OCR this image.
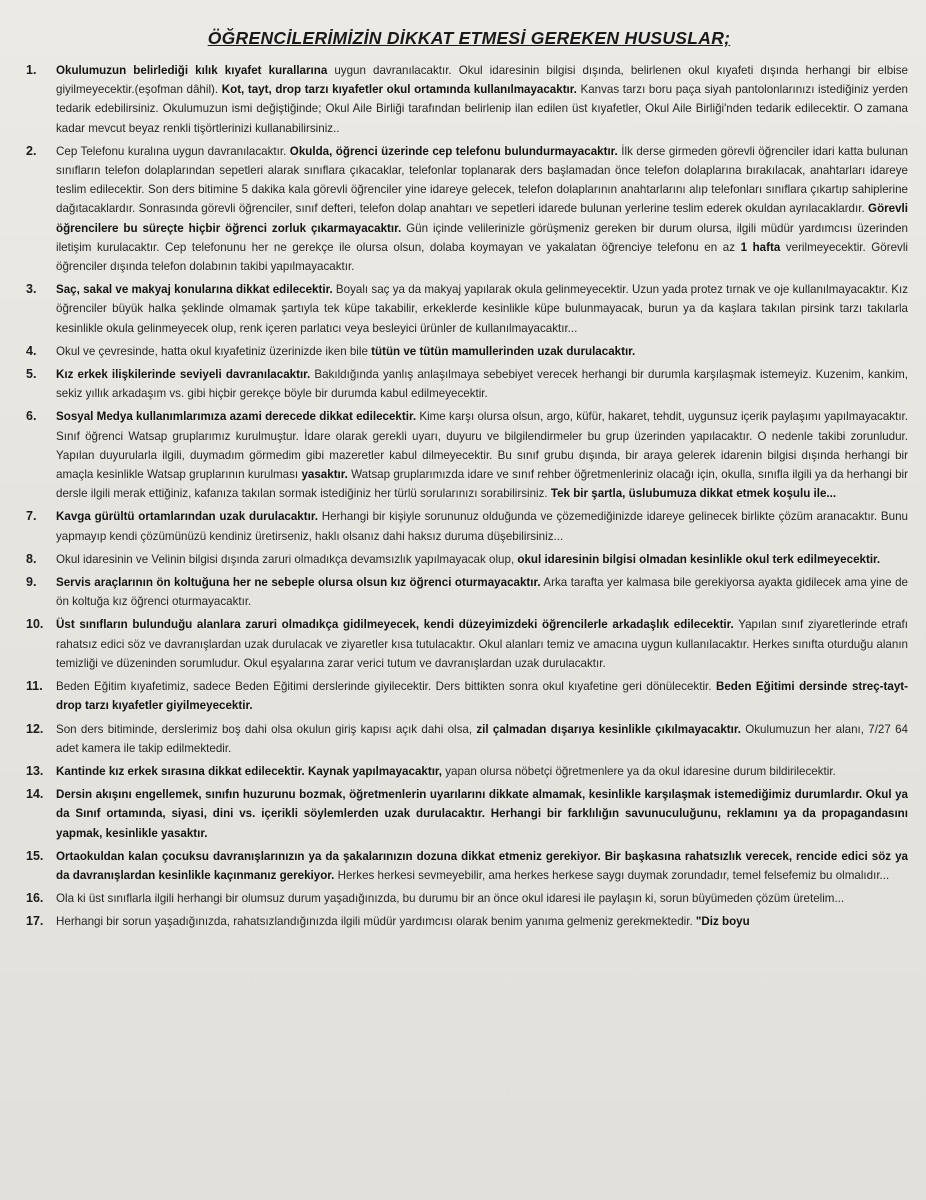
ÖĞRENCİLERİMİZİN DİKKAT ETMESİ GEREKEN HUSUSLAR;
1.	Okulumuzun belirlediği kılık kıyafet kurallarına uygun davranılacaktır. Okul idaresinin bilgisi dışında, belirlenen okul kıyafeti dışında herhangi bir elbise giyilmeyecektir.(eşofman dâhil). Kot, tayt, drop tarzı kıyafetler okul ortamında kullanılmayacaktır. Kanvas tarzı boru paça siyah pantolonlarınızı istediğiniz yerden tedarik edebilirsiniz. Okulumuzun ismi değiştiğinde; Okul Aile Birliği tarafından belirlenip ilan edilen üst kıyafetler, Okul Aile Birliği'nden tedarik edilecektir. O zamana kadar mevcut beyaz renkli tişörtlerinizi kullanabilirsiniz..
2.	Cep Telefonu kuralına uygun davranılacaktır. Okulda, öğrenci üzerinde cep telefonu bulundurmayacaktır. İlk derse girmeden görevli öğrenciler idari katta bulunan sınıfların telefon dolaplarından sepetleri alarak sınıflara çıkacaklar, telefonlar toplanarak ders başlamadan önce telefon dolaplarına bırakılacak, anahtarları idareye teslim edilecektir. Son ders bitimine 5 dakika kala görevli öğrenciler yine idareye gelecek, telefon dolaplarının anahtarlarını alıp telefonları sınıflara çıkartıp sahiplerine dağıtacaklardır. Sonrasında görevli öğrenciler, sınıf defteri, telefon dolap anahtarı ve sepetleri idarede bulunan yerlerine teslim ederek okuldan ayrılacaklardır. Görevli öğrencilere bu süreçte hiçbir öğrenci zorluk çıkarmayacaktır. Gün içinde velilerinizle görüşmeniz gereken bir durum olursa, ilgili müdür yardımcısı üzerinden iletişim kurulacaktır. Cep telefonunu her ne gerekçe ile olursa olsun, dolaba koymayan ve yakalatan öğrenciye telefonu en az 1 hafta verilmeyecektir. Görevli öğrenciler dışında telefon dolabının takibi yapılmayacaktır.
3.	Saç, sakal ve makyaj konularına dikkat edilecektir. Boyalı saç ya da makyaj yapılarak okula gelinmeyecektir. Uzun yada protez tırnak ve oje kullanılmayacaktır. Kız öğrenciler büyük halka şeklinde olmamak şartıyla tek küpe takabilir, erkeklerde kesinlikle küpe bulunmayacak, burun ya da kaşlara takılan pirsink tarzı takılarla kesinlikle okula gelinmeyecek olup, renk içeren parlatıcı veya besleyici ürünler de kullanılmayacaktır...
4.	Okul ve çevresinde, hatta okul kıyafetiniz üzerinizde iken bile tütün ve tütün mamullerinden uzak durulacaktır.
5.	Kız erkek ilişkilerinde seviyeli davranılacaktır. Bakıldığında yanlış anlaşılmaya sebebiyet verecek herhangi bir durumla karşılaşmak istemeyiz. Kuzenim, kankim, sekiz yıllık arkadaşım vs. gibi hiçbir gerekçe böyle bir durumda kabul edilmeyecektir.
6.	Sosyal Medya kullanımlarımıza azami derecede dikkat edilecektir. Kime karşı olursa olsun, argo, küfür, hakaret, tehdit, uygunsuz içerik paylaşımı yapılmayacaktır. Sınıf öğrenci Watsap gruplarımız kurulmuştur. İdare olarak gerekli uyarı, duyuru ve bilgilendirmeler bu grup üzerinden yapılacaktır. O nedenle takibi zorunludur. Yapılan duyurularla ilgili, duymadım görmedim gibi mazeretler kabul dilmeyecektir. Bu sınıf grubu dışında, bir araya gelerek idarenin bilgisi dışında herhangi bir amaçla kesinlikle Watsap gruplarının kurulması yasaktır. Watsap gruplarımızda idare ve sınıf rehber öğretmenleriniz olacağı için, okulla, sınıfla ilgili ya da herhangi bir dersle ilgili merak ettiğiniz, kafanıza takılan sormak istediğiniz her türlü sorularınızı sorabilirsiniz. Tek bir şartla, üslubumuza dikkat etmek koşulu ile...
7.	Kavga gürültü ortamlarından uzak durulacaktır. Herhangi bir kişiyle sorununuz olduğunda ve çözemediğinizde idareye gelinecek birlikte çözüm aranacaktır. Bunu yapmayıp kendi çözümünüzü kendiniz üretirseniz, haklı olsanız dahi haksız duruma düşebilirsiniz...
8.	Okul idaresinin ve Velinin bilgisi dışında zaruri olmadıkça devamsızlık yapılmayacak olup, okul idaresinin bilgisi olmadan kesinlikle okul terk edilmeyecektir.
9.	Servis araçlarının ön koltuğuna her ne sebeple olursa olsun kız öğrenci oturmayacaktır. Arka tarafta yer kalmasa bile gerekiyorsa ayakta gidilecek ama yine de ön koltuğa kız öğrenci oturmayacaktır.
10.	Üst sınıfların bulunduğu alanlara zaruri olmadıkça gidilmeyecek, kendi düzeyimizdeki öğrencilerle arkadaşlık edilecektir. Yapılan sınıf ziyaretlerinde etrafı rahatsız edici söz ve davranışlardan uzak durulacak ve ziyaretler kısa tutulacaktır. Okul alanları temiz ve amacına uygun kullanılacaktır. Herkes sınıfta oturduğu alanın temizliği ve düzeninden sorumludur. Okul eşyalarına zarar verici tutum ve davranışlardan uzak durulacaktır.
11.	Beden Eğitim kıyafetimiz, sadece Beden Eğitimi derslerinde giyilecektir. Ders bittikten sonra okul kıyafetine geri dönülecektir. Beden Eğitimi dersinde streç-tayt-drop tarzı kıyafetler giyilmeyecektir.
12.	Son ders bitiminde, derslerimiz boş dahi olsa okulun giriş kapısı açık dahi olsa, zil çalmadan dışarıya kesinlikle çıkılmayacaktır. Okulumuzun her alanı, 7/27 64 adet kamera ile takip edilmektedir.
13.	Kantinde kız erkek sırasına dikkat edilecektir. Kaynak yapılmayacaktır, yapan olursa nöbetçi öğretmenlere ya da okul idaresine durum bildirilecektir.
14.	Dersin akışını engellemek, sınıfın huzurunu bozmak, öğretmenlerin uyarılarını dikkate almamak, kesinlikle karşılaşmak istemediğimiz durumlardır. Okul ya da Sınıf ortamında, siyasi, dini vs. içerikli söylemlerden uzak durulacaktır. Herhangi bir farklılığın savunuculuğunu, reklamını ya da propagandasını yapmak, kesinlikle yasaktır.
15.	Ortaokuldan kalan çocuksu davranışlarınızın ya da şakalarınızın dozuna dikkat etmeniz gerekiyor. Bir başkasına rahatsızlık verecek, rencide edici söz ya da davranışlardan kesinlikle kaçınmanız gerekiyor. Herkes herkesi sevmeyebilir, ama herkes herkese saygı duymak zorundadır, temel felsefemiz bu olmalıdır...
16.	Ola ki üst sınıflarla ilgili herhangi bir olumsuz durum yaşadığınızda, bu durumu bir an önce okul idaresi ile paylaşın ki, sorun büyümeden çözüm üretelim...
17.	Herhangi bir sorun yaşadığınızda, rahatsızlandığınızda ilgili müdür yardımcısı olarak benim yanıma gelmeniz gerekmektedir. "Diz boyu
